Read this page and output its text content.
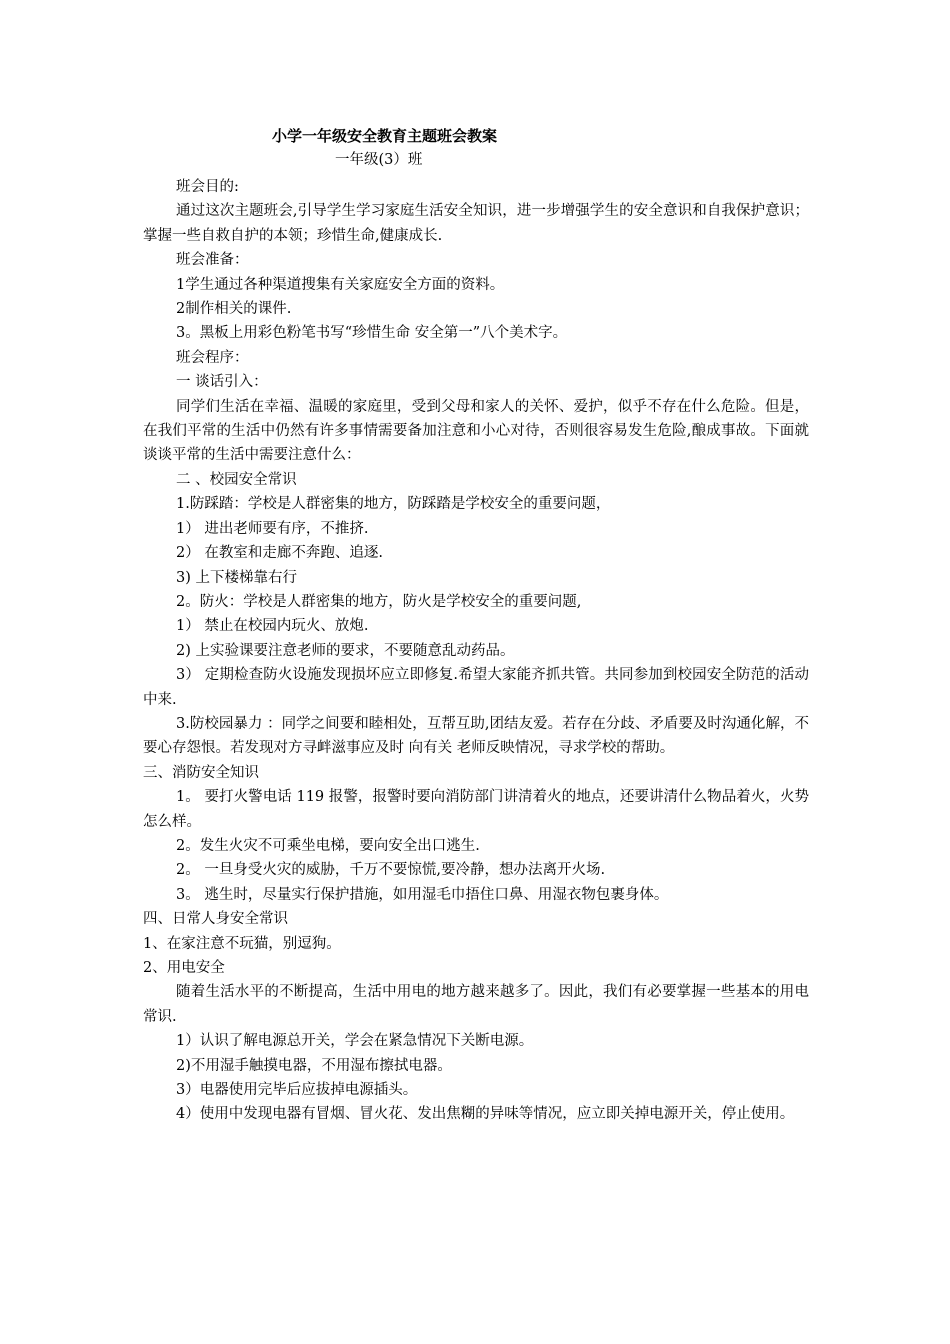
小学一年级安全教育主题班会教案
一年级(3）班

班会目的:

通过这次主题班会,引导学生学习家庭生活安全知识，进一步增强学生的安全意识和自我保护意识；掌握一些自救自护的本领；珍惜生命,健康成长.

班会准备：

1学生通过各种渠道搜集有关家庭安全方面的资料。

2制作相关的课件.

3。黑板上用彩色粉笔书写“珍惜生命 安全第一”八个美术字。

班会程序：

一 谈话引入：

同学们生活在幸福、温暖的家庭里，受到父母和家人的关怀、爱护，似乎不存在什么危险。但是，在我们平常的生活中仍然有许多事情需要备加注意和小心对待，否则很容易发生危险,酿成事故。下面就谈谈平常的生活中需要注意什么：

二 、校园安全常识

1.防踩踏：学校是人群密集的地方，防踩踏是学校安全的重要问题，

1） 进出老师要有序，不推挤.

2） 在教室和走廊不奔跑、追逐.

3) 上下楼梯靠右行

2。防火：学校是人群密集的地方，防火是学校安全的重要问题,

1） 禁止在校园内玩火、放炮.

2) 上实验课要注意老师的要求，不要随意乱动药品。

3） 定期检查防火设施发现损坏应立即修复.希望大家能齐抓共管。共同参加到校园安全防范的活动中来.

3.防校园暴力 ：同学之间要和睦相处，互帮互助,团结友爱。若存在分歧、矛盾要及时沟通化解，不要心存怨恨。若发现对方寻衅滋事应及时 向有关 老师反映情况，寻求学校的帮助。

三、消防安全知识

1。 要打火警电话 119 报警，报警时要向消防部门讲清着火的地点，还要讲清什么物品着火，火势怎么样。

2。发生火灾不可乘坐电梯，要向安全出口逃生.

2。 一旦身受火灾的威胁，千万不要惊慌,要冷静，想办法离开火场.

3。 逃生时，尽量实行保护措施，如用湿毛巾捂住口鼻、用湿衣物包裹身体。

四、日常人身安全常识

1、在家注意不玩猫，别逗狗。

2、用电安全

随着生活水平的不断提高，生活中用电的地方越来越多了。因此，我们有必要掌握一些基本的用电常识.

1）认识了解电源总开关，学会在紧急情况下关断电源。

2)不用湿手触摸电器，不用湿布擦拭电器。

3）电器使用完毕后应拔掉电源插头。

4）使用中发现电器有冒烟、冒火花、发出焦糊的异味等情况，应立即关掉电源开关，停止使用。
